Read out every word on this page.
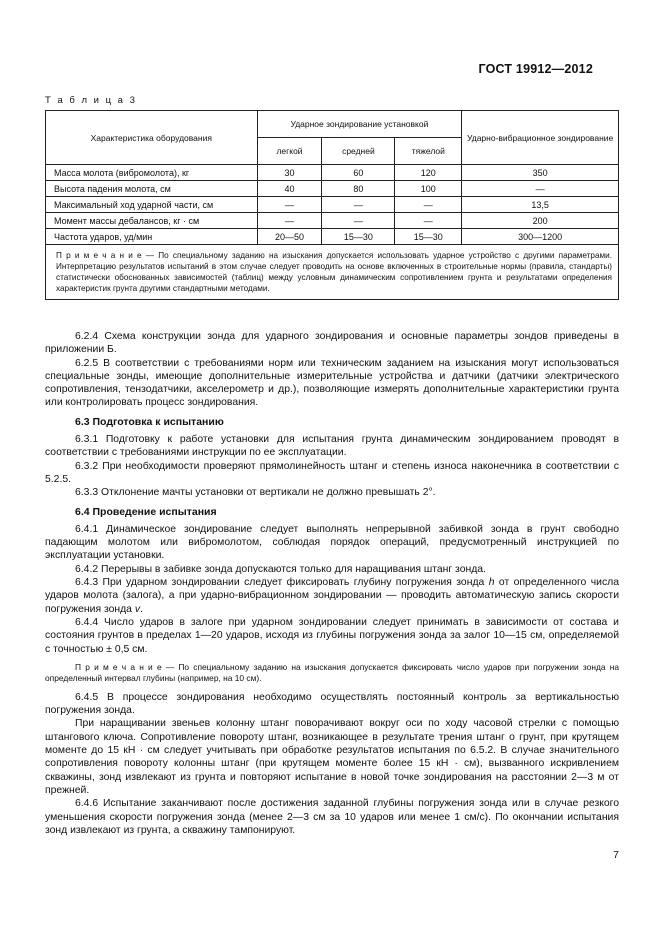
ГОСТ 19912—2012
Т а б л и ц а 3
Характеристика оборудования	Ударное зондирование установкой			Ударно-вибрационное зондирование
	легкой	средней	тяжелой	
Масса молота (вибромолота), кг	30	60	120	350
Высота падения молота, см	40	80	100	—
Максимальный ход ударной части, см	—	—	—	13,5
Момент массы дебалансов, кг · см	—	—	—	200
Частота ударов, уд/мин	20—50	15—30	15—30	300—1200
П р и м е ч а н и е — По специальному заданию на изыскания допускается использовать ударное устройство с другими параметрами. Интерпретацию результатов испытаний в этом случае следует проводить на основе включенных в строительные нормы (правила, стандарты) статистически обоснованных зависимостей (таблиц) между условным динамическим сопротивлением грунта и результатами определения характеристик грунта другими стандартными методами.				

6.2.4 Схема конструкции зонда для ударного зондирования и основные параметры зондов приведены в приложении Б.

6.2.5 В соответствии с требованиями норм или техническим заданием на изыскания могут использоваться специальные зонды, имеющие дополнительные измерительные устройства и датчики (датчики электрического сопротивления, тензодатчики, акселерометр и др.), позволяющие измерять дополнительные характеристики грунта или контролировать процесс зондирования.

6.3 Подготовка к испытанию

6.3.1 Подготовку к работе установки для испытания грунта динамическим зондированием проводят в соответствии с требованиями инструкции по ее эксплуатации.

6.3.2 При необходимости проверяют прямолинейность штанг и степень износа наконечника в соответствии с 5.2.5.

6.3.3 Отклонение мачты установки от вертикали не должно превышать 2°.

6.4 Проведение испытания

6.4.1 Динамическое зондирование следует выполнять непрерывной забивкой зонда в грунт свободно падающим молотом или вибромолотом, соблюдая порядок операций, предусмотренный инструкцией по эксплуатации установки.

6.4.2 Перерывы в забивке зонда допускаются только для наращивания штанг зонда.

6.4.3 При ударном зондировании следует фиксировать глубину погружения зонда h от определенного числа ударов молота (залога), а при ударно-вибрационном зондировании — проводить автоматическую запись скорости погружения зонда v.

6.4.4 Число ударов в залоге при ударном зондировании следует принимать в зависимости от состава и состояния грунтов в пределах 1—20 ударов, исходя из глубины погружения зонда за залог 10—15 см, определяемой с точностью ± 0,5 см.

П р и м е ч а н и е — По специальному заданию на изыскания допускается фиксировать число ударов при погружении зонда на определенный интервал глубины (например, на 10 см).

6.4.5 В процессе зондирования необходимо осуществлять постоянный контроль за вертикальностью погружения зонда.

При наращивании звеньев колонну штанг поворачивают вокруг оси по ходу часовой стрелки с помощью штангового ключа. Сопротивление повороту штанг, возникающее в результате трения штанг о грунт, при крутящем моменте до 15 кН · см следует учитывать при обработке результатов испытания по 6.5.2. В случае значительного сопротивления повороту колонны штанг (при крутящем моменте более 15 кН · см), вызванного искривлением скважины, зонд извлекают из грунта и повторяют испытание в новой точке зондирования на расстоянии 2—3 м от прежней.

6.4.6 Испытание заканчивают после достижения заданной глубины погружения зонда или в случае резкого уменьшения скорости погружения зонда (менее 2—3 см за 10 ударов или менее 1 см/с). По окончании испытания зонд извлекают из грунта, а скважину тампонируют.

7
